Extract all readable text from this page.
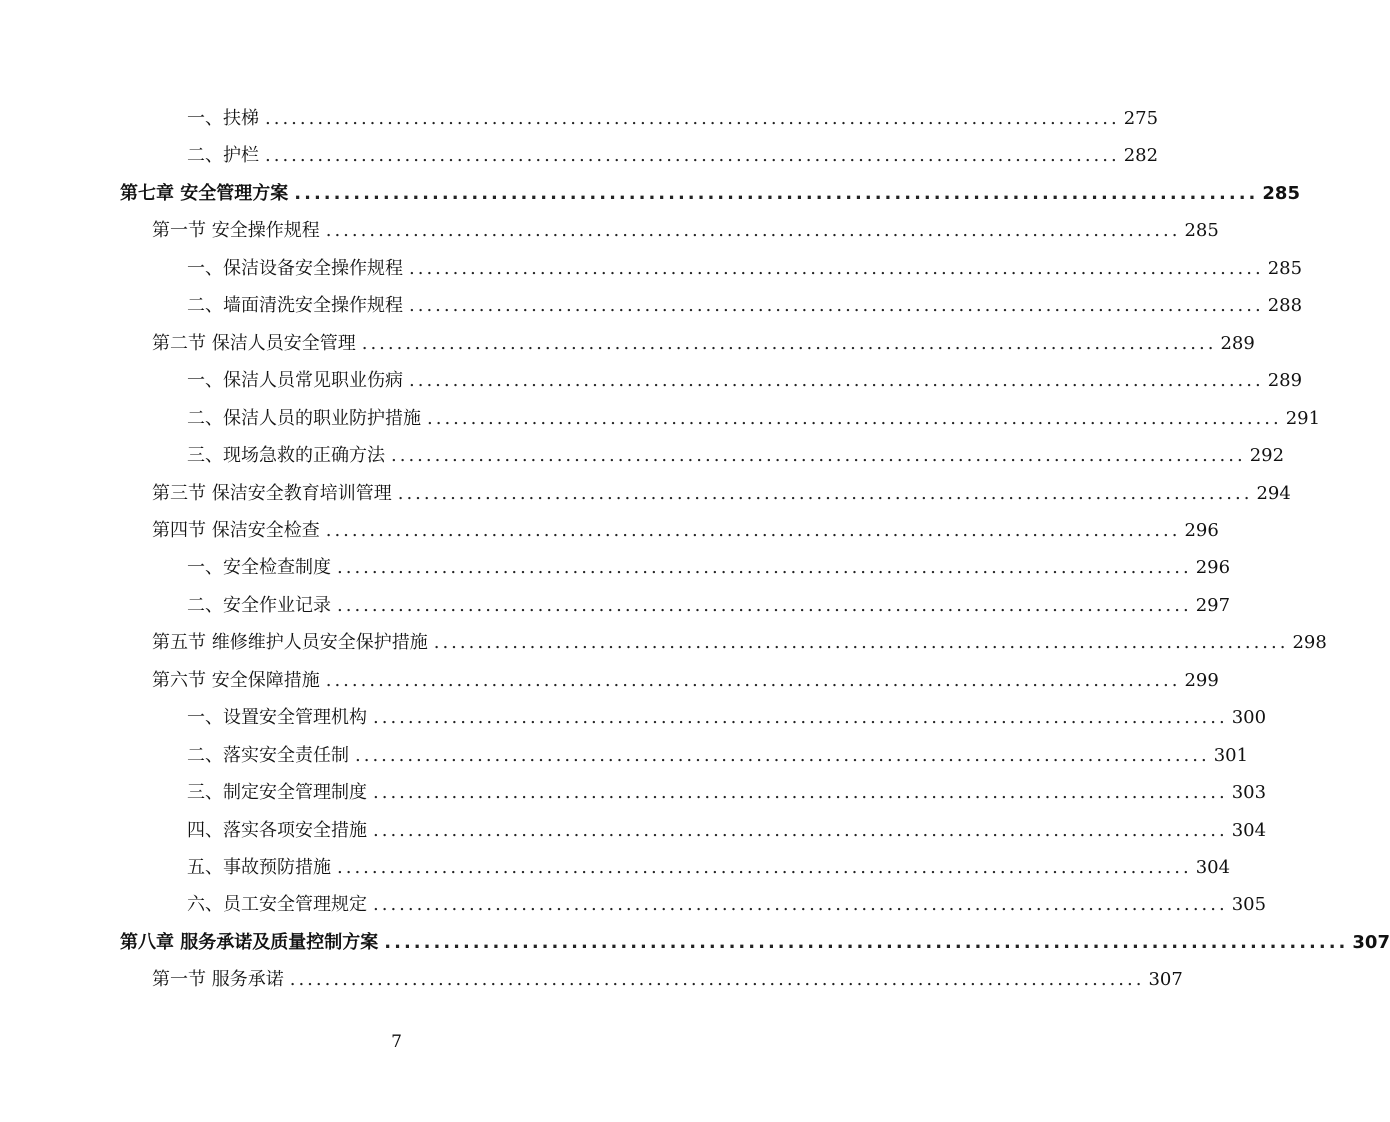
一、扶梯 .................................................................................................. 275
二、护栏 .................................................................................................. 282
第七章 安全管理方案 .................................................................................................. 285
第一节 安全操作规程 .................................................................................................. 285
一、保洁设备安全操作规程 .................................................................................................. 285
二、墙面清洗安全操作规程 .................................................................................................. 288
第二节 保洁人员安全管理 .................................................................................................. 289
一、保洁人员常见职业伤病 .................................................................................................. 289
二、保洁人员的职业防护措施 .................................................................................................. 291
三、现场急救的正确方法 .................................................................................................. 292
第三节 保洁安全教育培训管理 .................................................................................................. 294
第四节 保洁安全检查 .................................................................................................. 296
一、安全检查制度 .................................................................................................. 296
二、安全作业记录 .................................................................................................. 297
第五节 维修维护人员安全保护措施 .................................................................................................. 298
第六节 安全保障措施 .................................................................................................. 299
一、设置安全管理机构 .................................................................................................. 300
二、落实安全责任制 .................................................................................................. 301
三、制定安全管理制度 .................................................................................................. 303
四、落实各项安全措施 .................................................................................................. 304
五、事故预防措施 .................................................................................................. 304
六、员工安全管理规定 .................................................................................................. 305
第八章 服务承诺及质量控制方案 .................................................................................................. 307
第一节 服务承诺 .................................................................................................. 307
7
